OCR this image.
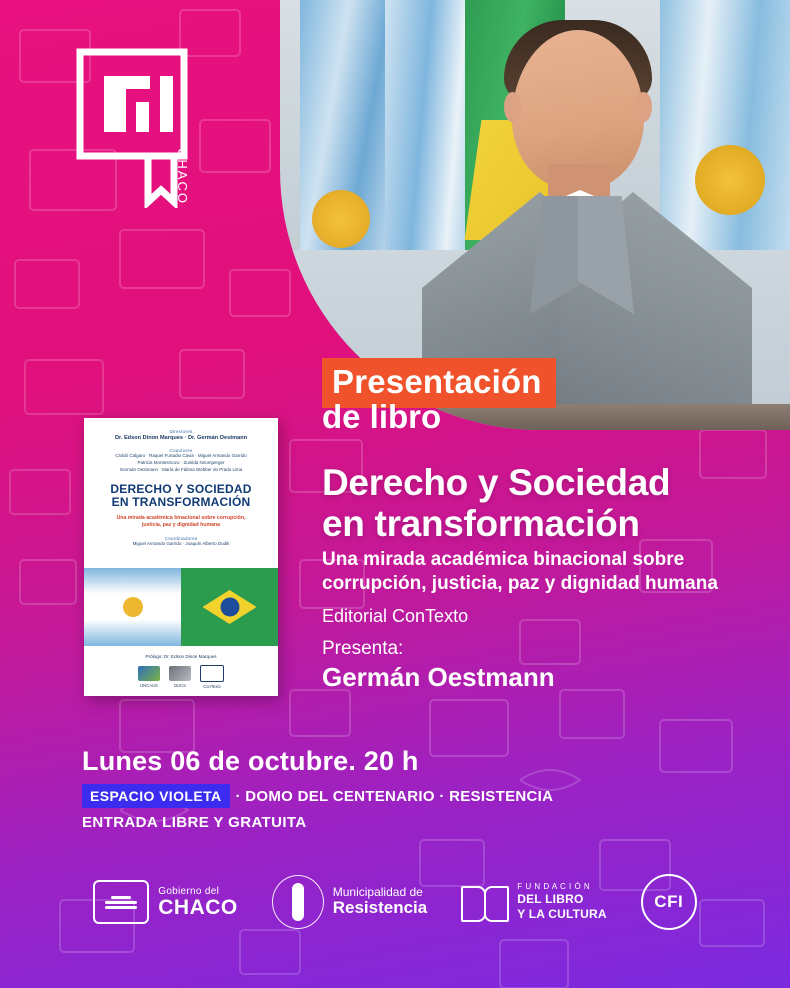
CHACO
Directores
Dr. Edson Dinon Marques · Dr. Germán Oestmann
Coautores
Cloldó Calgaro · Raquel Furtadio Cavia · Miguel Armando Garrido
Patricia Montesmozo · Zunilda Niromperger
Germán Oestmann · María de Fátima Webber do Prado Lima
DERECHO Y SOCIEDAD
EN TRANSFORMACIÓN
Una mirada académica binacional sobre corrupción,
justicia, paz y dignidad humana
Coordinadores
Miguel Armando Garrido · Joaquín Alberto Dudik
Prólogo: Dr. Edson Dinon Marques
UNCAUS	DUCS	ConTexto
Presentación
de libro
Derecho y Sociedad
en transformación
Una mirada académica binacional sobre
corrupción, justicia, paz y dignidad humana
Editorial ConTexto
Presenta:
Germán Oestmann
Lunes 06 de octubre. 20 h
ESPACIO VIOLETA · DOMO DEL CENTENARIO · RESISTENCIA
ENTRADA LIBRE Y GRATUITA
Gobierno del
CHACO
Municipalidad de
Resistencia
F U N D A C I Ó N
DEL LIBRO
Y LA CULTURA
CFI
